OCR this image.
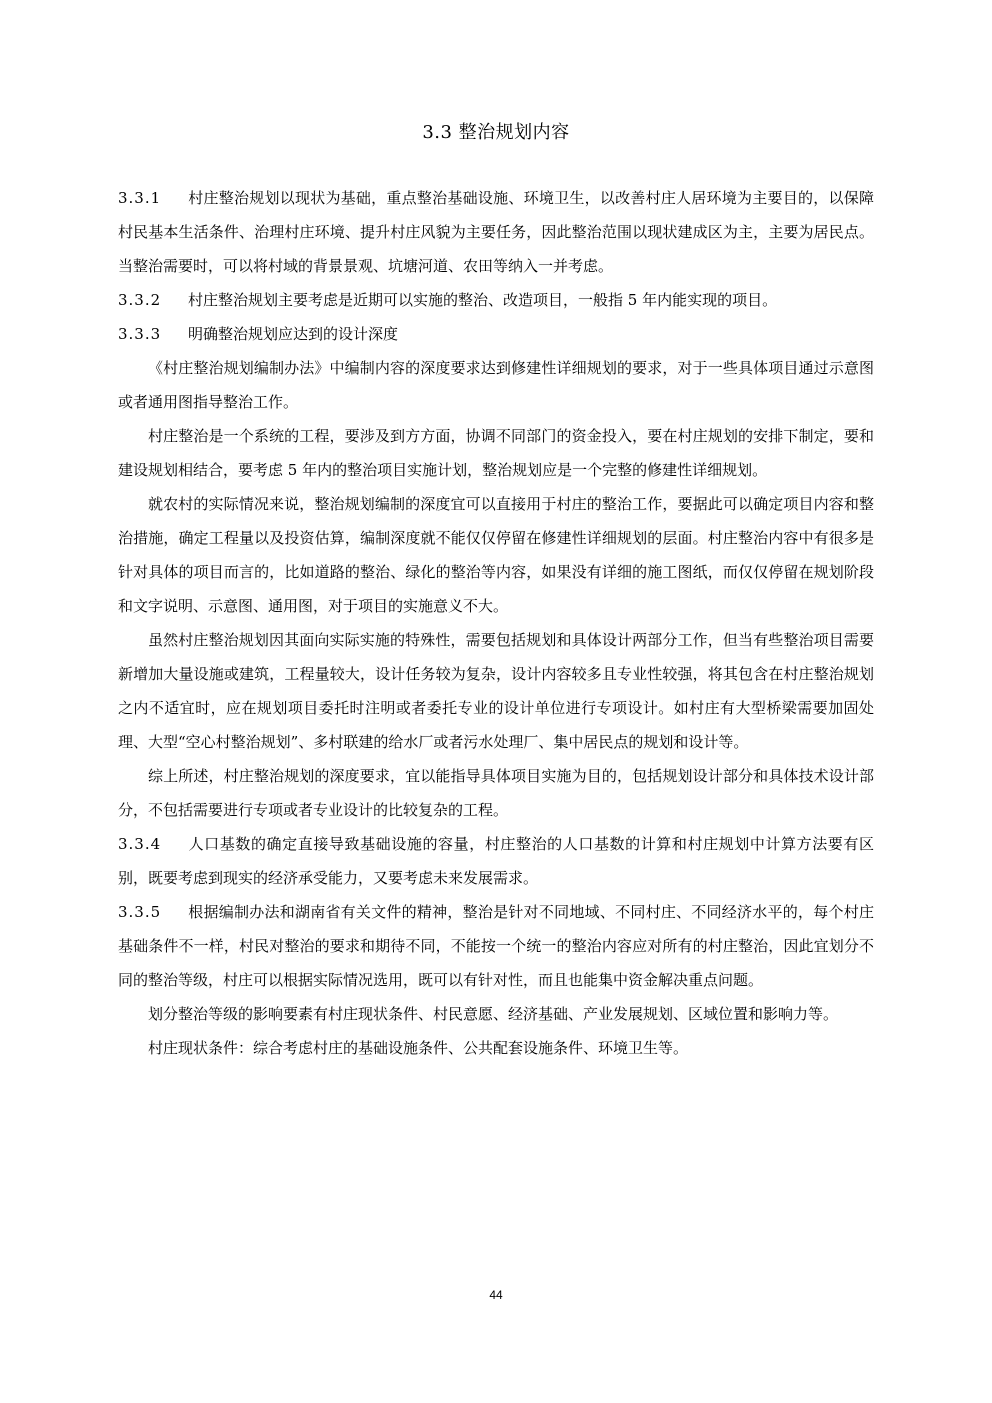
3.3 整治规划内容

3.3.1 村庄整治规划以现状为基础，重点整治基础设施、环境卫生，以改善村庄人居环境为主要目的，以保障村民基本生活条件、治理村庄环境、提升村庄风貌为主要任务，因此整治范围以现状建成区为主，主要为居民点。当整治需要时，可以将村域的背景景观、坑塘河道、农田等纳入一并考虑。

3.3.2 村庄整治规划主要考虑是近期可以实施的整治、改造项目，一般指 5 年内能实现的项目。

3.3.3 明确整治规划应达到的设计深度

《村庄整治规划编制办法》中编制内容的深度要求达到修建性详细规划的要求，对于一些具体项目通过示意图或者通用图指导整治工作。

村庄整治是一个系统的工程，要涉及到方方面，协调不同部门的资金投入，要在村庄规划的安排下制定，要和建设规划相结合，要考虑 5 年内的整治项目实施计划，整治规划应是一个完整的修建性详细规划。

就农村的实际情况来说，整治规划编制的深度宜可以直接用于村庄的整治工作，要据此可以确定项目内容和整治措施，确定工程量以及投资估算，编制深度就不能仅仅停留在修建性详细规划的层面。村庄整治内容中有很多是针对具体的项目而言的，比如道路的整治、绿化的整治等内容，如果没有详细的施工图纸，而仅仅停留在规划阶段和文字说明、示意图、通用图，对于项目的实施意义不大。

虽然村庄整治规划因其面向实际实施的特殊性，需要包括规划和具体设计两部分工作，但当有些整治项目需要新增加大量设施或建筑，工程量较大，设计任务较为复杂，设计内容较多且专业性较强，将其包含在村庄整治规划之内不适宜时，应在规划项目委托时注明或者委托专业的设计单位进行专项设计。如村庄有大型桥梁需要加固处理、大型“空心村整治规划”、多村联建的给水厂或者污水处理厂、集中居民点的规划和设计等。

综上所述，村庄整治规划的深度要求，宜以能指导具体项目实施为目的，包括规划设计部分和具体技术设计部分，不包括需要进行专项或者专业设计的比较复杂的工程。

3.3.4 人口基数的确定直接导致基础设施的容量，村庄整治的人口基数的计算和村庄规划中计算方法要有区别，既要考虑到现实的经济承受能力，又要考虑未来发展需求。

3.3.5 根据编制办法和湖南省有关文件的精神，整治是针对不同地域、不同村庄、不同经济水平的，每个村庄基础条件不一样，村民对整治的要求和期待不同，不能按一个统一的整治内容应对所有的村庄整治，因此宜划分不同的整治等级，村庄可以根据实际情况选用，既可以有针对性，而且也能集中资金解决重点问题。

划分整治等级的影响要素有村庄现状条件、村民意愿、经济基础、产业发展规划、区域位置和影响力等。

村庄现状条件：综合考虑村庄的基础设施条件、公共配套设施条件、环境卫生等。

44
